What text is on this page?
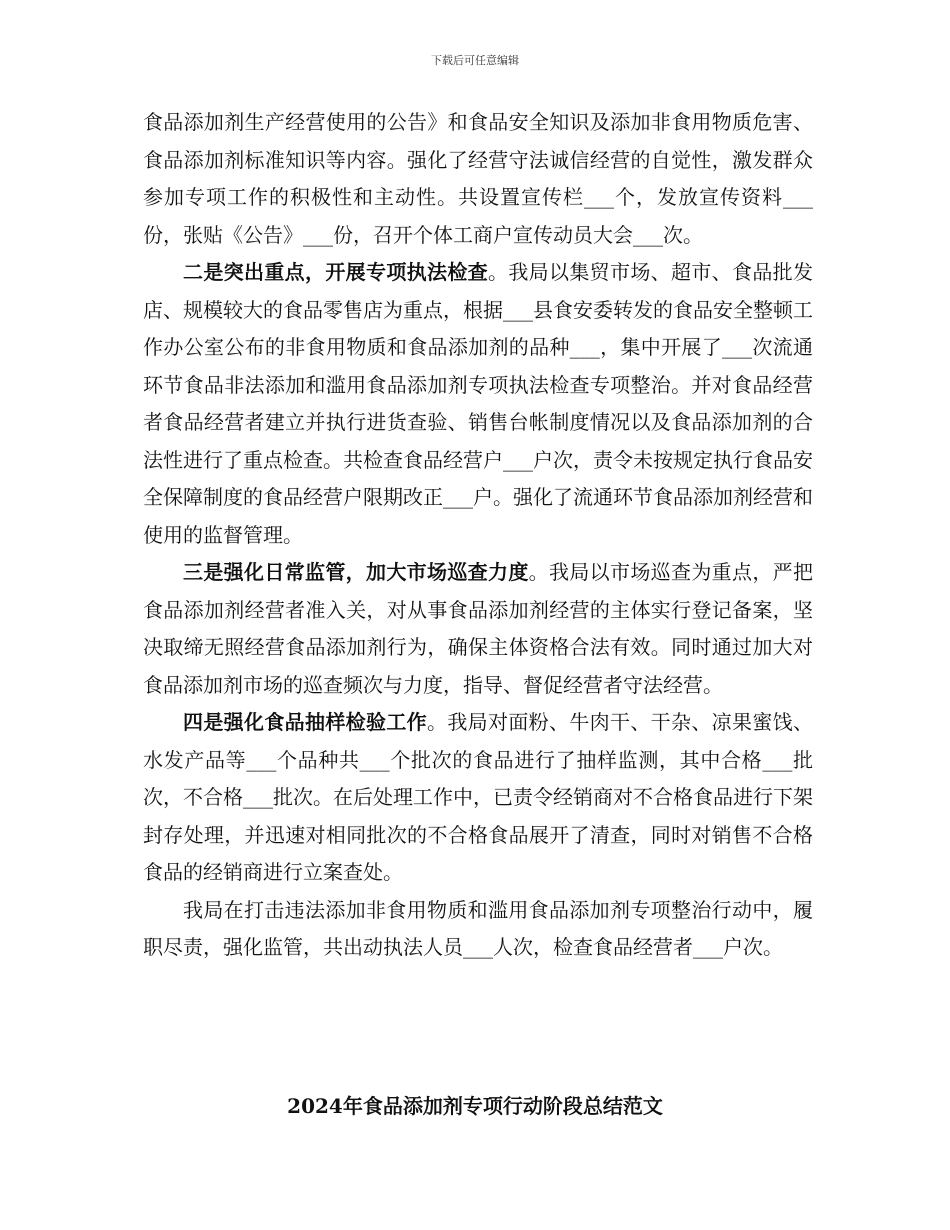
下载后可任意编辑

食品添加剂生产经营使用的公告》和食品安全知识及添加非食用物质危害、食品添加剂标准知识等内容。强化了经营守法诚信经营的自觉性，激发群众参加专项工作的积极性和主动性。共设置宣传栏___个，发放宣传资料___份，张贴《公告》___份，召开个体工商户宣传动员大会___次。

二是突出重点，开展专项执法检查。我局以集贸市场、超市、食品批发店、规模较大的食品零售店为重点，根据___县食安委转发的食品安全整顿工作办公室公布的非食用物质和食品添加剂的品种___，集中开展了___次流通环节食品非法添加和滥用食品添加剂专项执法检查专项整治。并对食品经营者食品经营者建立并执行进货查验、销售台帐制度情况以及食品添加剂的合法性进行了重点检查。共检查食品经营户___户次，责令未按规定执行食品安全保障制度的食品经营户限期改正___户。强化了流通环节食品添加剂经营和使用的监督管理。

三是强化日常监管，加大市场巡查力度。我局以市场巡查为重点，严把食品添加剂经营者准入关，对从事食品添加剂经营的主体实行登记备案，坚决取缔无照经营食品添加剂行为，确保主体资格合法有效。同时通过加大对食品添加剂市场的巡查频次与力度，指导、督促经营者守法经营。

四是强化食品抽样检验工作。我局对面粉、牛肉干、干杂、凉果蜜饯、水发产品等___个品种共___个批次的食品进行了抽样监测，其中合格___批次，不合格___批次。在后处理工作中，已责令经销商对不合格食品进行下架封存处理，并迅速对相同批次的不合格食品展开了清查，同时对销售不合格食品的经销商进行立案查处。

我局在打击违法添加非食用物质和滥用食品添加剂专项整治行动中，履职尽责，强化监管，共出动执法人员___人次，检查食品经营者___户次。

2024年食品添加剂专项行动阶段总结范文
